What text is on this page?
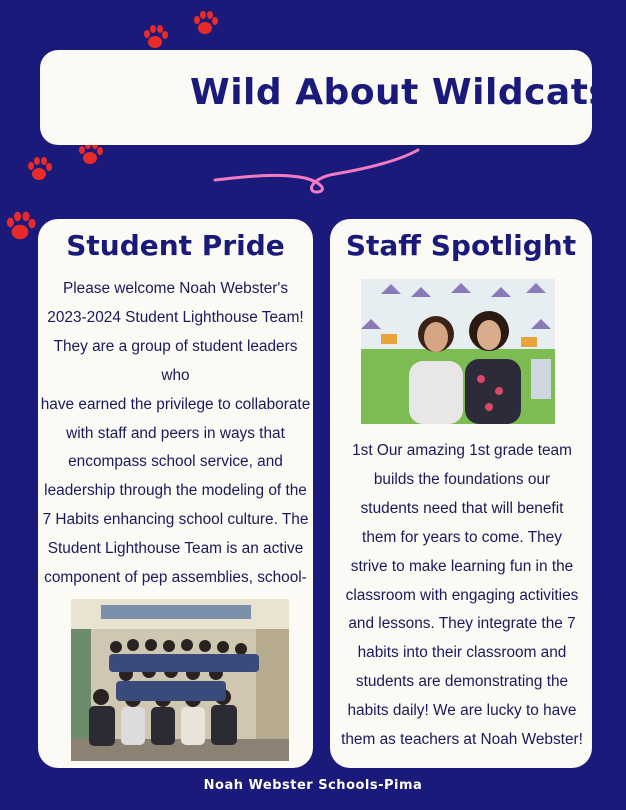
Wild About Wildcats
Student Pride
Please welcome Noah Webster's
2023-2024 Student Lighthouse Team!
They are a group of student leaders who
have earned the privilege to collaborate
with staff and peers in ways that
encompass school service, and
leadership through the modeling of the
7 Habits enhancing school culture. The
Student Lighthouse Team is an active
component of pep assemblies, school-
Staff Spotlight
1st Our amazing 1st grade team
builds the foundations our
students need that will benefit
them for years to come. They
strive to make learning fun in the
classroom with engaging activities
and lessons. They integrate the 7
habits into their classroom and
students are demonstrating the
habits daily! We are lucky to have
them as teachers at Noah Webster!
Noah Webster Schools-Pima
